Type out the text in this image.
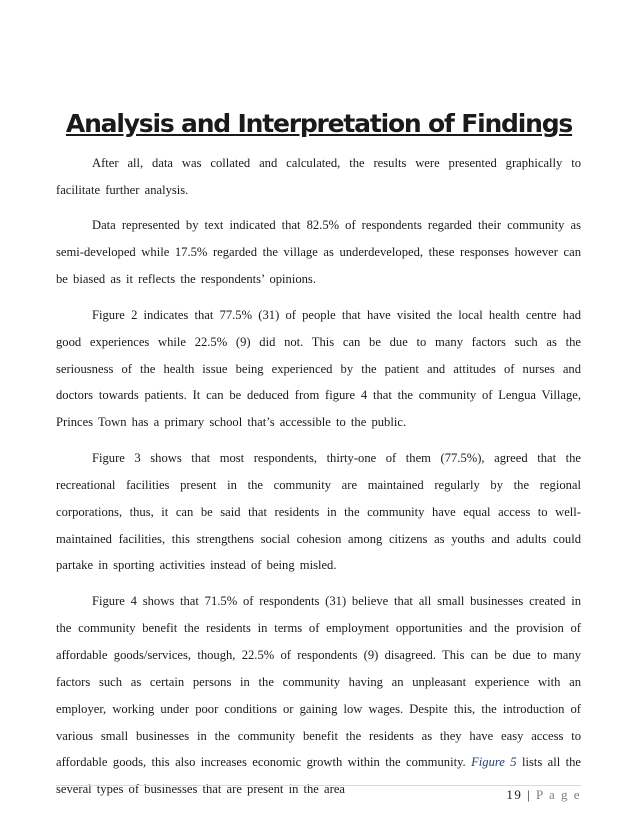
Analysis and Interpretation of Findings

After all, data was collated and calculated, the results were presented graphically to facilitate further analysis.

Data represented by text indicated that 82.5% of respondents regarded their community as semi-developed while 17.5% regarded the village as underdeveloped, these responses however can be biased as it reflects the respondents’ opinions.

Figure 2 indicates that 77.5% (31) of people that have visited the local health centre had good experiences while 22.5% (9) did not. This can be due to many factors such as the seriousness of the health issue being experienced by the patient and attitudes of nurses and doctors towards patients. It can be deduced from figure 4 that the community of Lengua Village, Princes Town has a primary school that’s accessible to the public.

Figure 3 shows that most respondents, thirty-one of them (77.5%), agreed that the recreational facilities present in the community are maintained regularly by the regional corporations, thus, it can be said that residents in the community have equal access to well-maintained facilities, this strengthens social cohesion among citizens as youths and adults could partake in sporting activities instead of being misled.

Figure 4 shows that 71.5% of respondents (31) believe that all small businesses created in the community benefit the residents in terms of employment opportunities and the provision of affordable goods/services, though, 22.5% of respondents (9) disagreed. This can be due to many factors such as certain persons in the community having an unpleasant experience with an employer, working under poor conditions or gaining low wages. Despite this, the introduction of various small businesses in the community benefit the residents as they have easy access to affordable goods, this also increases economic growth within the community. Figure 5 lists all the several types of businesses that are present in the area	19 | P a g e
